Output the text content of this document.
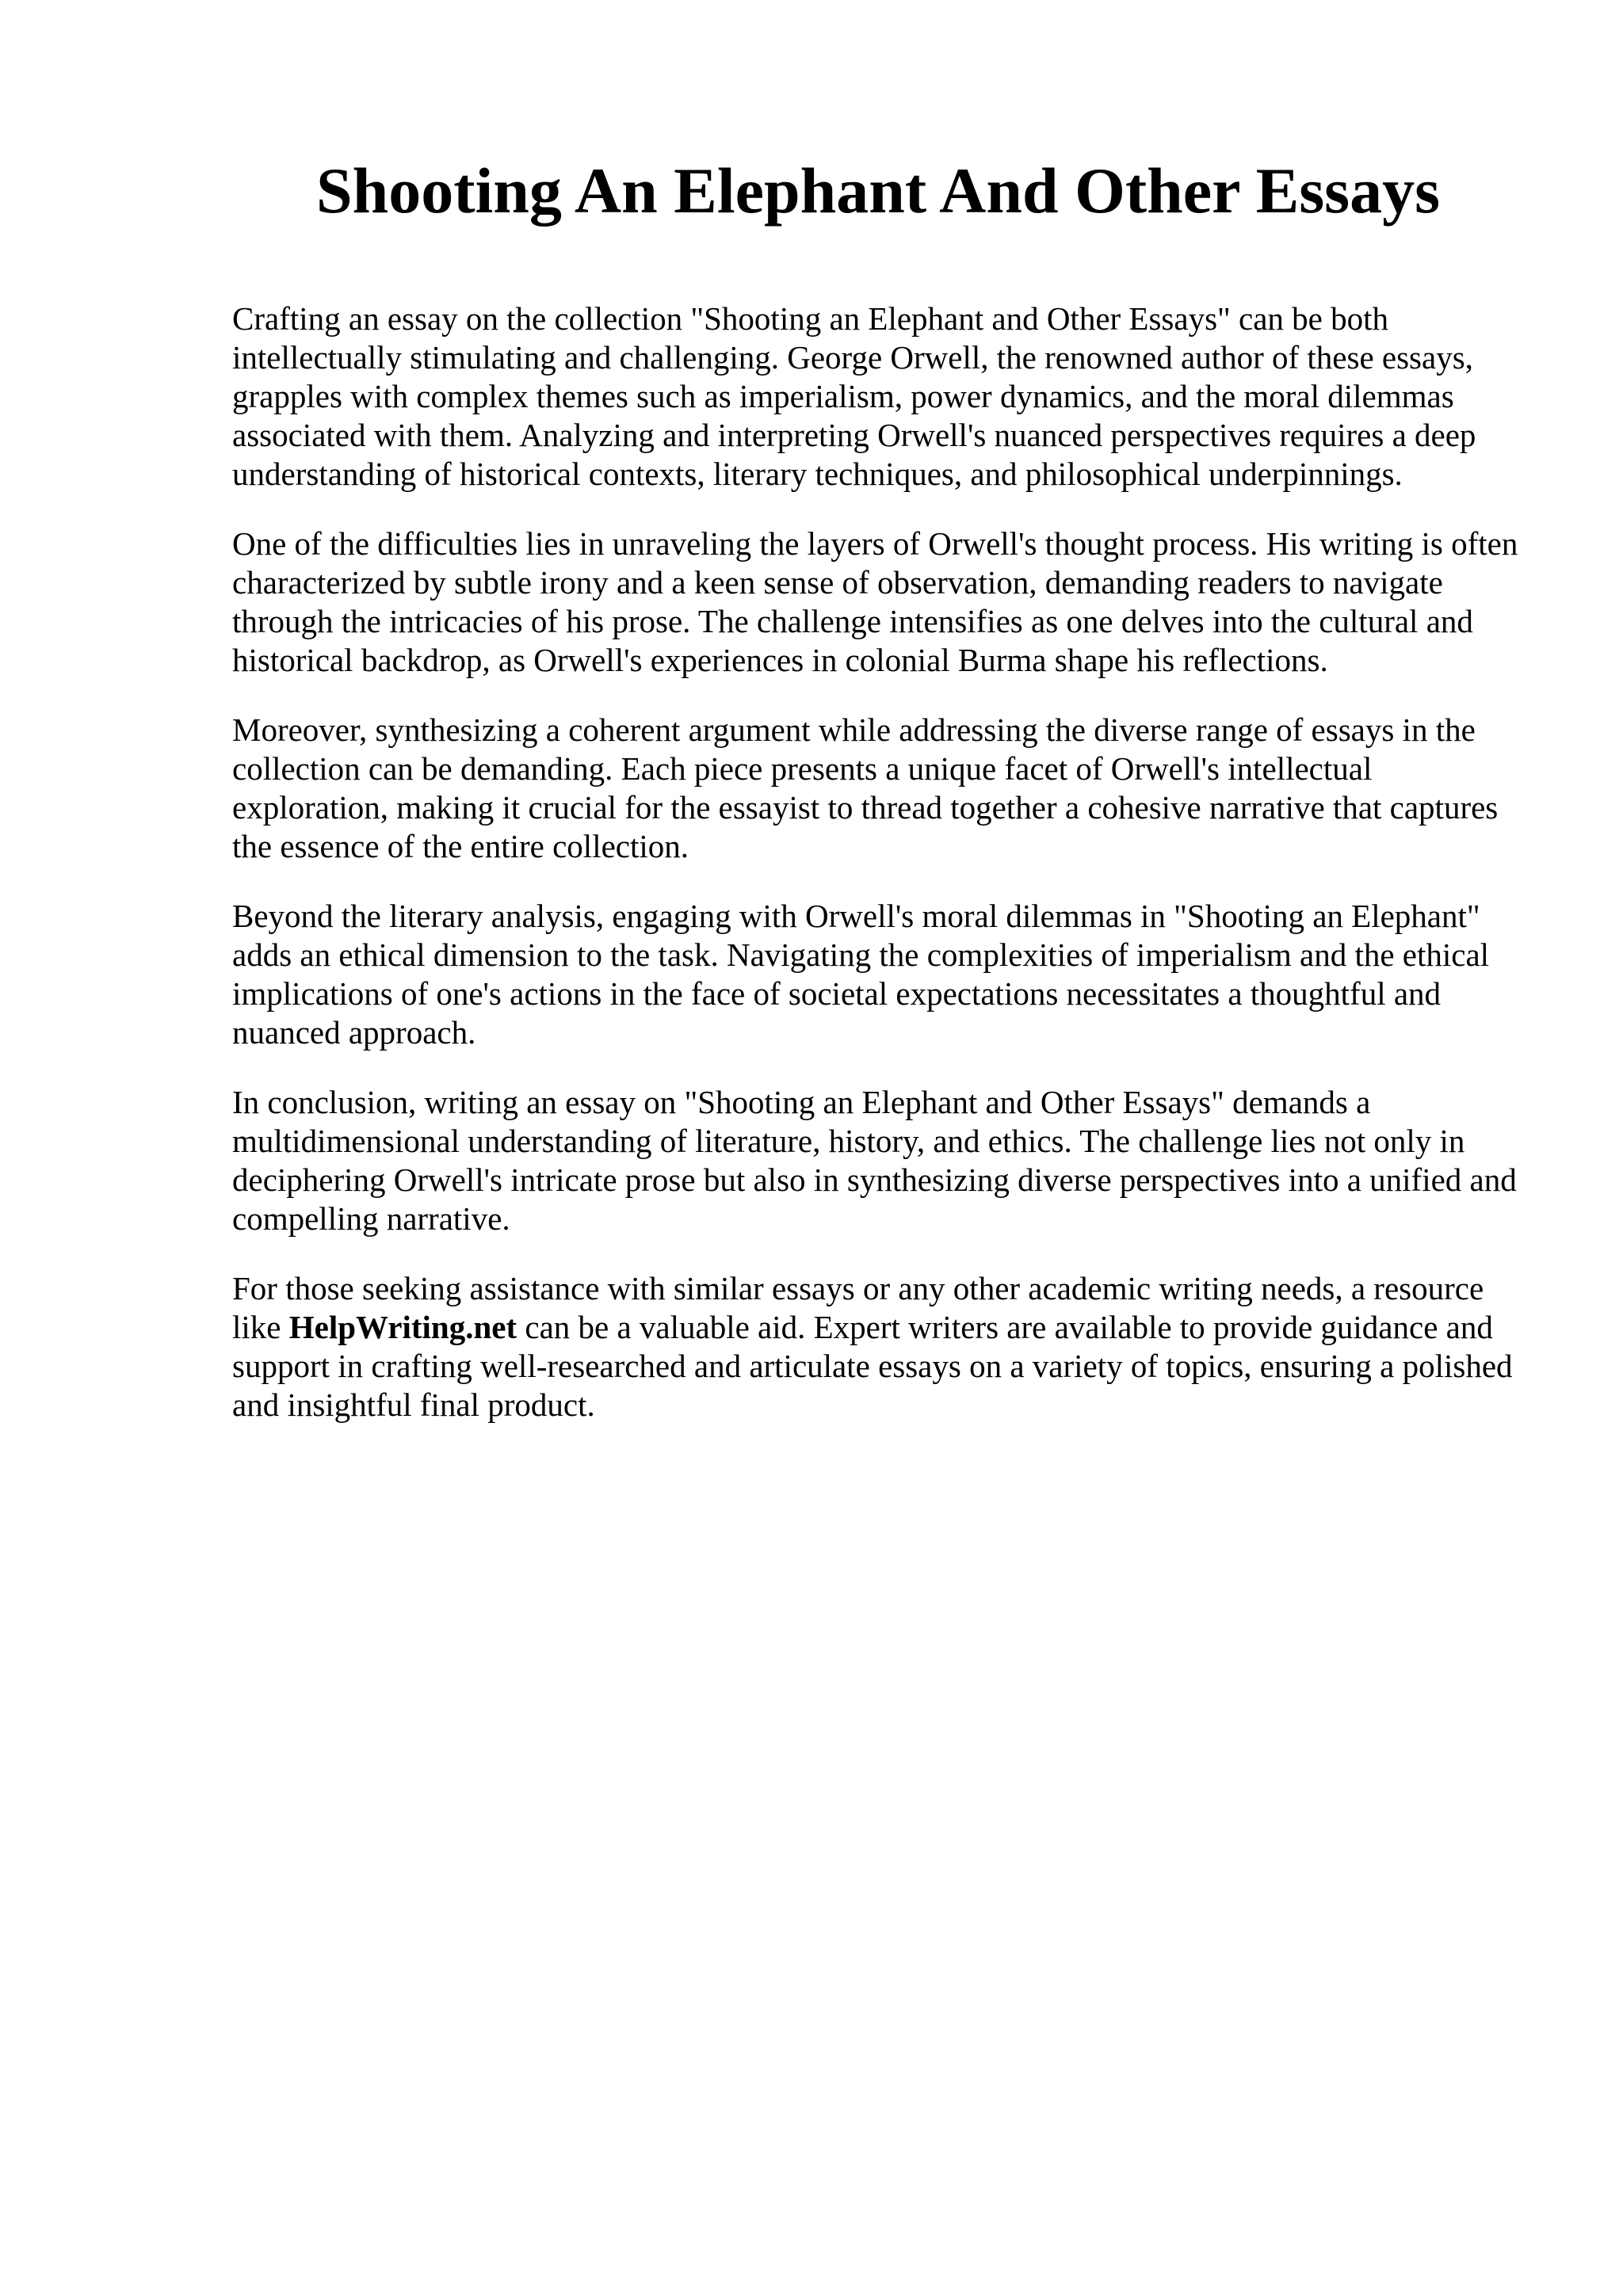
Shooting An Elephant And Other Essays

Crafting an essay on the collection "Shooting an Elephant and Other Essays" can be both intellectually stimulating and challenging. George Orwell, the renowned author of these essays, grapples with complex themes such as imperialism, power dynamics, and the moral dilemmas associated with them. Analyzing and interpreting Orwell's nuanced perspectives requires a deep understanding of historical contexts, literary techniques, and philosophical underpinnings.

One of the difficulties lies in unraveling the layers of Orwell's thought process. His writing is often characterized by subtle irony and a keen sense of observation, demanding readers to navigate through the intricacies of his prose. The challenge intensifies as one delves into the cultural and historical backdrop, as Orwell's experiences in colonial Burma shape his reflections.

Moreover, synthesizing a coherent argument while addressing the diverse range of essays in the collection can be demanding. Each piece presents a unique facet of Orwell's intellectual exploration, making it crucial for the essayist to thread together a cohesive narrative that captures the essence of the entire collection.

Beyond the literary analysis, engaging with Orwell's moral dilemmas in "Shooting an Elephant" adds an ethical dimension to the task. Navigating the complexities of imperialism and the ethical implications of one's actions in the face of societal expectations necessitates a thoughtful and nuanced approach.

In conclusion, writing an essay on "Shooting an Elephant and Other Essays" demands a multidimensional understanding of literature, history, and ethics. The challenge lies not only in deciphering Orwell's intricate prose but also in synthesizing diverse perspectives into a unified and compelling narrative.

For those seeking assistance with similar essays or any other academic writing needs, a resource like HelpWriting.net can be a valuable aid. Expert writers are available to provide guidance and support in crafting well-researched and articulate essays on a variety of topics, ensuring a polished and insightful final product.
